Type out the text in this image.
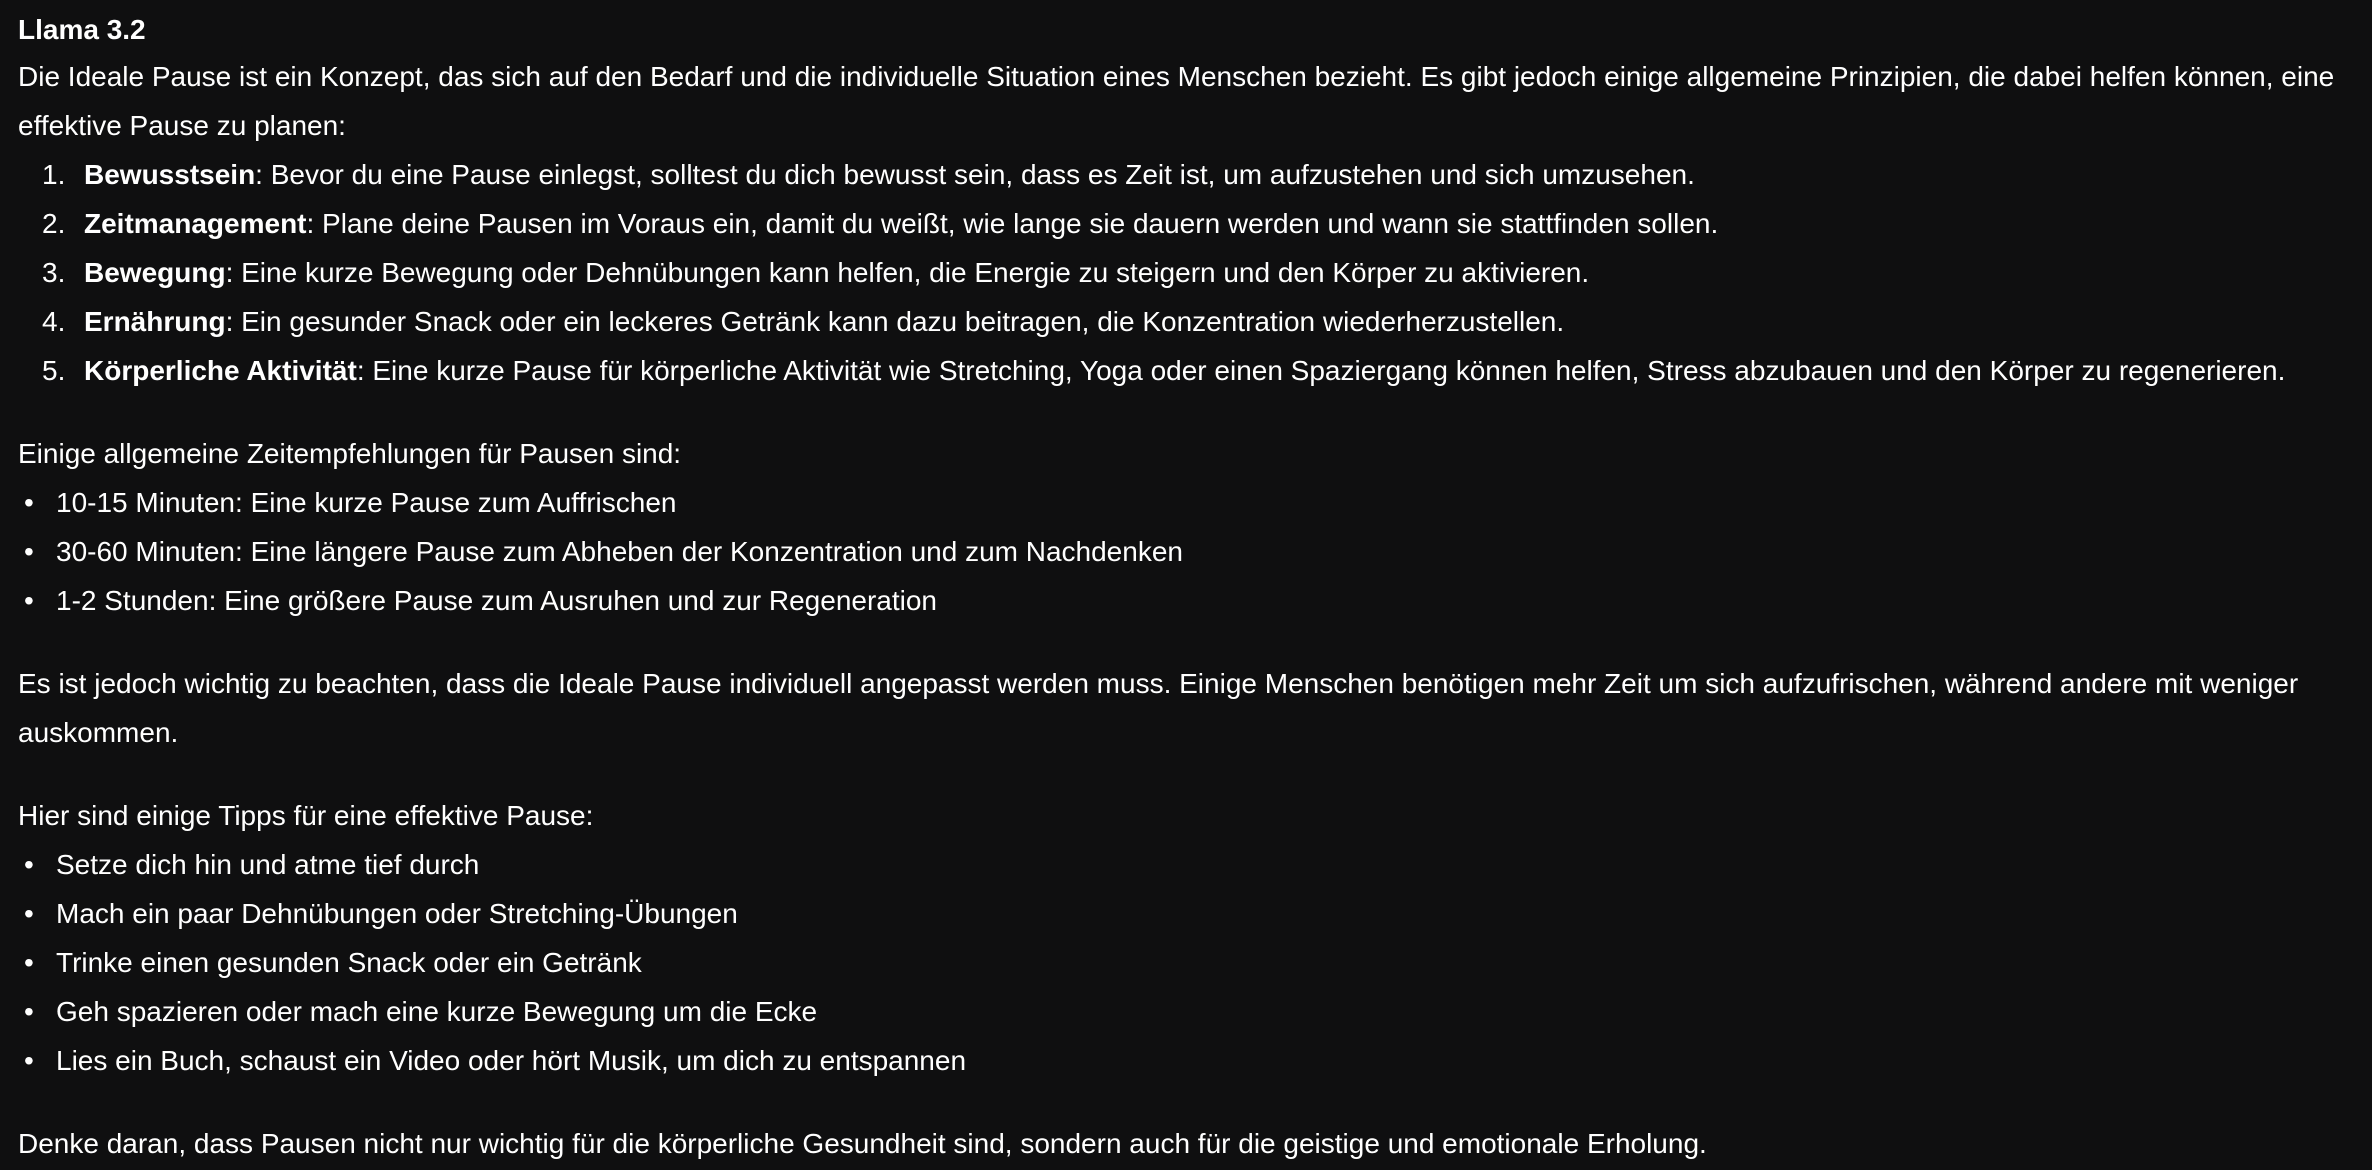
Llama 3.2

Die Ideale Pause ist ein Konzept, das sich auf den Bedarf und die individuelle Situation eines Menschen bezieht. Es gibt jedoch einige allgemeine Prinzipien, die dabei helfen können, eine effektive Pause zu planen:

1. Bewusstsein: Bevor du eine Pause einlegst, solltest du dich bewusst sein, dass es Zeit ist, um aufzustehen und sich umzusehen.
2. Zeitmanagement: Plane deine Pausen im Voraus ein, damit du weißt, wie lange sie dauern werden und wann sie stattfinden sollen.
3. Bewegung: Eine kurze Bewegung oder Dehnübungen kann helfen, die Energie zu steigern und den Körper zu aktivieren.
4. Ernährung: Ein gesunder Snack oder ein leckeres Getränk kann dazu beitragen, die Konzentration wiederherzustellen.
5. Körperliche Aktivität: Eine kurze Pause für körperliche Aktivität wie Stretching, Yoga oder einen Spaziergang können helfen, Stress abzubauen und den Körper zu regenerieren.

Einige allgemeine Zeitempfehlungen für Pausen sind:

• 10-15 Minuten: Eine kurze Pause zum Auffrischen
• 30-60 Minuten: Eine längere Pause zum Abheben der Konzentration und zum Nachdenken
• 1-2 Stunden: Eine größere Pause zum Ausruhen und zur Regeneration

Es ist jedoch wichtig zu beachten, dass die Ideale Pause individuell angepasst werden muss. Einige Menschen benötigen mehr Zeit um sich aufzufrischen, während andere mit weniger auskommen.

Hier sind einige Tipps für eine effektive Pause:

• Setze dich hin und atme tief durch
• Mach ein paar Dehnübungen oder Stretching-Übungen
• Trinke einen gesunden Snack oder ein Getränk
• Geh spazieren oder mach eine kurze Bewegung um die Ecke
• Lies ein Buch, schaust ein Video oder hört Musik, um dich zu entspannen

Denke daran, dass Pausen nicht nur wichtig für die körperliche Gesundheit sind, sondern auch für die geistige und emotionale Erholung.
